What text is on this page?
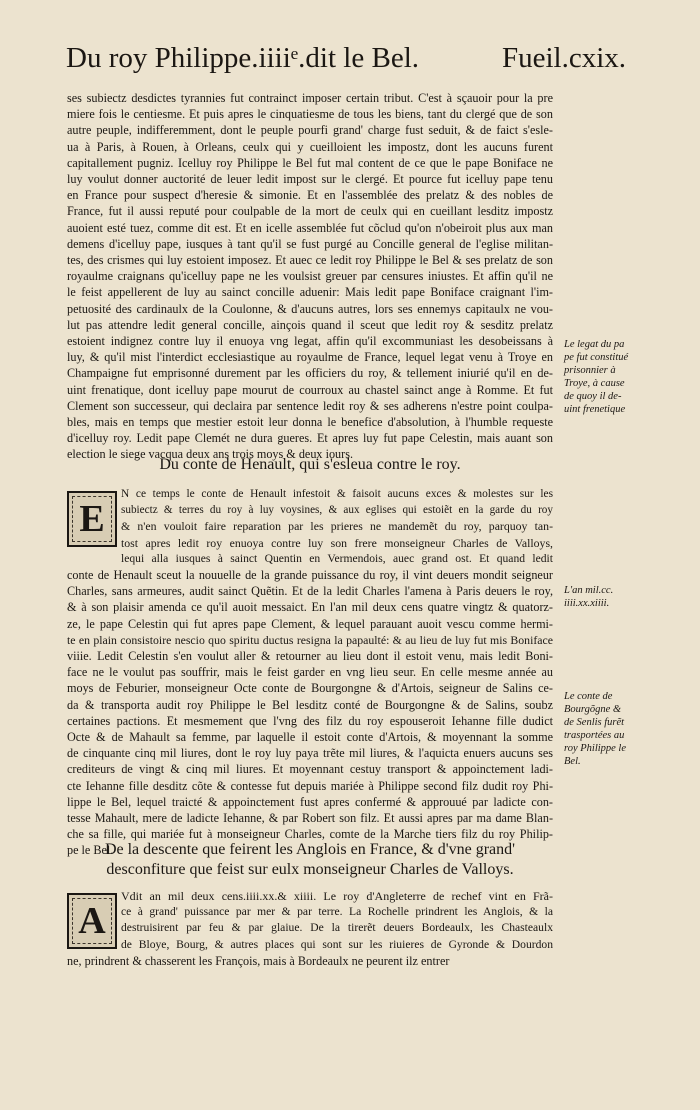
Du roy Philippe.iiiiᵉ.dit le Bel.	Fueil.cxix.
ses subiectz desdictes tyrannies fut contrainct imposer certain tribut. C'est à sçauoir pour la pre
miere fois le centiesme. Et puis apres le cinquatiesme de tous les biens, tant du clergé que de son
autre peuple, indifferemment, dont le peuple pourfi grand' charge fust seduit, & de faict s'esle-
ua à Paris, à Rouen, à Orleans, ceulx qui y cueilloient les impostz, dont les aucuns furent
capitallement pugniz. Icelluy roy Philippe le Bel fut mal content de ce que le pape Boniface ne
luy voulut donner auctorité de leuer ledit impost sur le clergé. Et pource fut icelluy pape tenu
en France pour suspect d'heresie & simonie. Et en l'assemblée des prelatz & des nobles de
France, fut il aussi reputé pour coulpable de la mort de ceulx qui en cueillant lesditz impostz
auoient esté tuez, comme dit est. Et en icelle assemblée fut cõclud qu'on n'obeiroit plus aux man
demens d'icelluy pape, iusques à tant qu'il se fust purgé au Concille general de l'eglise militan-
tes, des crismes qui luy estoient imposez. Et auec ce ledit roy Philippe le Bel & ses prelatz de son
royaulme craignans qu'icelluy pape ne les voulsist greuer par censures iniustes. Et affin qu'il ne
le feist appellerent de luy au sainct concille aduenir: Mais ledit pape Boniface craignant l'im-
petuosité des cardinaulx de la Coulonne, & d'aucuns autres, lors ses ennemys capitaulx ne vou-
lut pas attendre ledit general concille, ainçois quand il sceut que ledit roy & sesditz prelatz
estoient indignez contre luy il enuoya vng legat, affin qu'il excommuniast les desobeissans à
luy, & qu'il mist l'interdict ecclesiastique au royaulme de France, lequel legat venu à Troye en
Champaigne fut emprisonné durement par les officiers du roy, & tellement iniurié qu'il en de-
uint frenatique, dont icelluy pape mourut de courroux au chastel sainct ange à Romme. Et fut
Clement son successeur, qui declaira par sentence ledit roy & ses adherens n'estre point coulpa-
bles, mais en temps que mestier estoit leur donna le benefice d'absolution, à l'humble requeste
d'icelluy roy. Ledit pape Clemét ne dura gueres. Et apres luy fut pape Celestin, mais auant son
election le siege vacqua deux ans trois moys & deux iours.
Le legat du pa
pe fut constitué
prisonnier à
Troye, à cause
de quoy il de-
uint frenetique
L'an mil.cc.
iiii.xx.xiiii.
Le conte de
Bourgõgne &
de Senlis furẽt
trasportées au
roy Philippe le
Bel.
Du conte de Henault, qui s'esleua contre le roy.
E
N ce temps le conte de Henault infestoit & faisoit aucuns exces & molestes sur les
subiectz & terres du roy à luy voysines, & aux eglises qui estoiẽt en la garde du roy
& n'en vouloit faire reparation par les prieres ne mandemẽt du roy, parquoy tan-
tost apres ledit roy enuoya contre luy son frere monseigneur Charles de Valloys,
lequi alla iusques à sainct Quentin en Vermendois, auec grand ost. Et quand ledit
conte de Henault sceut la nouuelle de la grande puissance du roy, il vint deuers mondit seigneur
Charles, sans armeures, audit sainct Quẽtin. Et de la ledit Charles l'amena à Paris deuers le roy,
& à son plaisir amenda ce qu'il auoit messaict. En l'an mil deux cens quatre vingtz & quatorz-
ze, le pape Celestin qui fut apres pape Clement, & lequel parauant auoit vescu comme hermi-
te en plain consistoire nescio quo spiritu ductus resigna la papaulté: & au lieu de luy fut mis Boniface
viiie. Ledit Celestin s'en voulut aller & retourner au lieu dont il estoit venu, mais ledit Boni-
face ne le voulut pas souffrir, mais le feist garder en vng lieu seur. En celle mesme année au
moys de Feburier, monseigneur Octe conte de Bourgongne & d'Artois, seigneur de Salins ce-
da & transporta audit roy Philippe le Bel lesditz conté de Bourgongne & de Salins, soubz
certaines pactions. Et mesmement que l'vng des filz du roy espouseroit Iehanne fille dudict
Octe & de Mahault sa femme, par laquelle il estoit conte d'Artois, & moyennant la somme
de cinquante cinq mil liures, dont le roy luy paya trẽte mil liures, & l'aquicta enuers aucuns ses
crediteurs de vingt & cinq mil liures. Et moyennant cestuy transport & appoinctement ladi-
cte Iehanne fille desditz cõte & contesse fut depuis mariée à Philippe second filz dudit roy Phi-
lippe le Bel, lequel traicté & appoinctement fust apres confermé & approuué par ladicte con-
tesse Mahault, mere de ladicte Iehanne, & par Robert son filz. Et aussi apres par ma dame Blan-
che sa fille, qui mariée fut à monseigneur Charles, comte de la Marche tiers filz du roy Philip-
pe le Bel.
De la descente que feirent les Anglois en France, & d'vne grand'
desconfiture que feist sur eulx monseigneur Charles de Valloys.
A
Vdit an mil deux cens.iiii.xx.& xiiii. Le roy d'Angleterre de rechef vint en Frã-
ce à grand' puissance par mer & par terre. La Rochelle prindrent les Anglois, & la
destruisirent par feu & par glaiue. De la tirerẽt deuers Bordeaulx, les Chasteaulx
de Bloye, Bourg, & autres places qui sont sur les riuieres de Gyronde & Dourdon
ne, prindrent & chasserent les François, mais à Bordeaulx ne peurent ilz entrer
